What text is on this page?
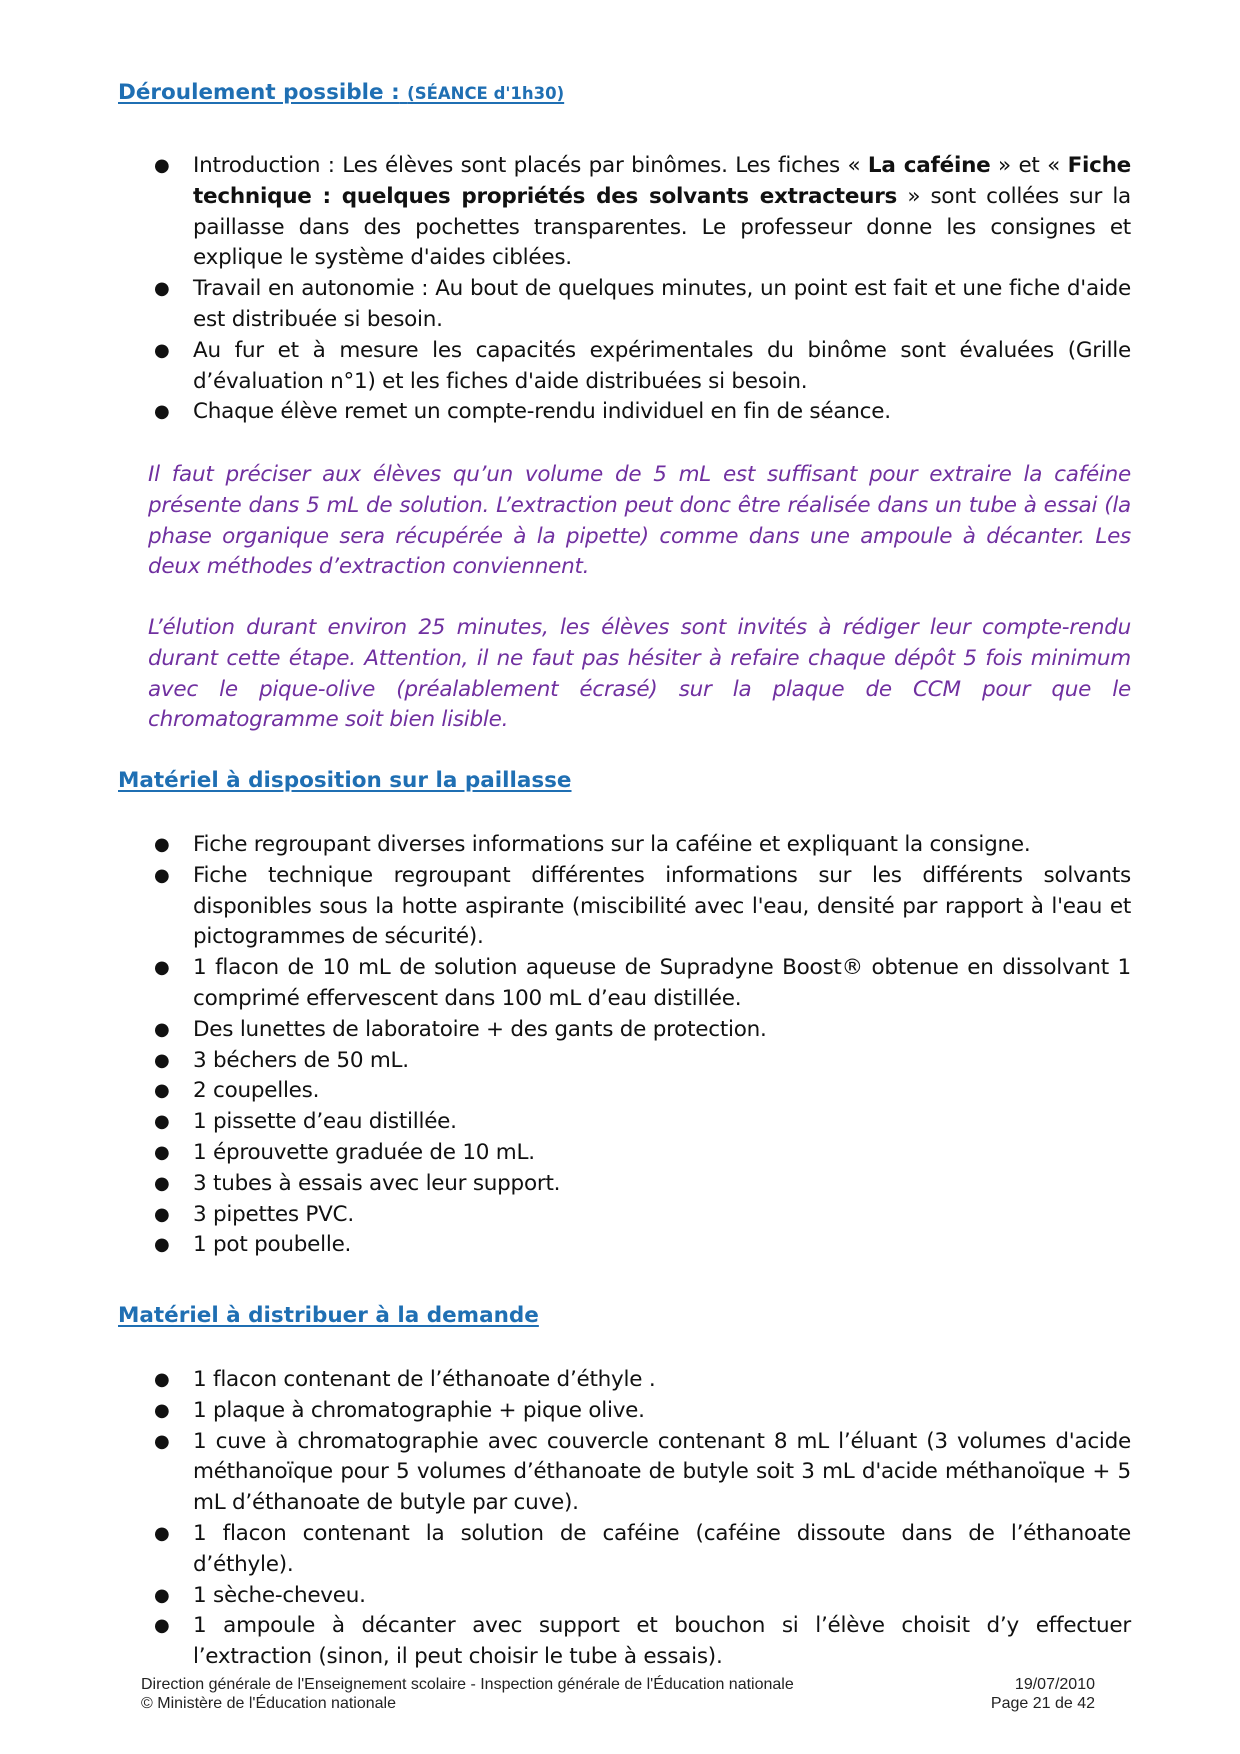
Déroulement possible : (SÉANCE d'1h30)
● Introduction : Les élèves sont placés par binômes. Les fiches « La caféine » et « Fiche technique : quelques propriétés des solvants extracteurs » sont collées sur la paillasse dans des pochettes transparentes. Le professeur donne les consignes et explique le système d'aides ciblées.
● Travail en autonomie : Au bout de quelques minutes, un point est fait et une fiche d'aide est distribuée si besoin.
● Au fur et à mesure les capacités expérimentales du binôme sont évaluées (Grille d’évaluation n°1) et les fiches d'aide distribuées si besoin.
● Chaque élève remet un compte-rendu individuel en fin de séance.

Il faut préciser aux élèves qu’un volume de 5 mL est suffisant pour extraire la caféine présente dans 5 mL de solution. L’extraction peut donc être réalisée dans un tube à essai (la phase organique sera récupérée à la pipette) comme dans une ampoule à décanter. Les deux méthodes d’extraction conviennent.

L’élution durant environ 25 minutes, les élèves sont invités à rédiger leur compte-rendu durant cette étape. Attention, il ne faut pas hésiter à refaire chaque dépôt 5 fois minimum avec le pique-olive (préalablement écrasé) sur la plaque de CCM pour que le chromatogramme soit bien lisible.

Matériel à disposition sur la paillasse
● Fiche regroupant diverses informations sur la caféine et expliquant la consigne.
● Fiche technique regroupant différentes informations sur les différents solvants disponibles sous la hotte aspirante (miscibilité avec l'eau, densité par rapport à l'eau et pictogrammes de sécurité).
● 1 flacon de 10 mL de solution aqueuse de Supradyne Boost® obtenue en dissolvant 1 comprimé effervescent dans 100 mL d’eau distillée.
● Des lunettes de laboratoire + des gants de protection.
● 3 béchers de 50 mL.
● 2 coupelles.
● 1 pissette d’eau distillée.
● 1 éprouvette graduée de 10 mL.
● 3 tubes à essais avec leur support.
● 3 pipettes PVC.
● 1 pot poubelle.
Matériel à distribuer à la demande
● 1 flacon contenant de l’éthanoate d’éthyle .
● 1 plaque à chromatographie + pique olive.
● 1 cuve à chromatographie avec couvercle contenant 8 mL l’éluant (3 volumes d'acide méthanoïque pour 5 volumes d’éthanoate de butyle soit 3 mL d'acide méthanoïque + 5 mL d’éthanoate de butyle par cuve).
● 1 flacon contenant la solution de caféine (caféine dissoute dans de l’éthanoate d’éthyle).
● 1 sèche-cheveu.
● 1 ampoule à décanter avec support et bouchon si l’élève choisit d’y effectuer l’extraction (sinon, il peut choisir le tube à essais).
Direction générale de l'Enseignement scolaire - Inspection générale de l'Éducation nationale
© Ministère de l'Éducation nationale
19/07/2010
Page 21 de 42
